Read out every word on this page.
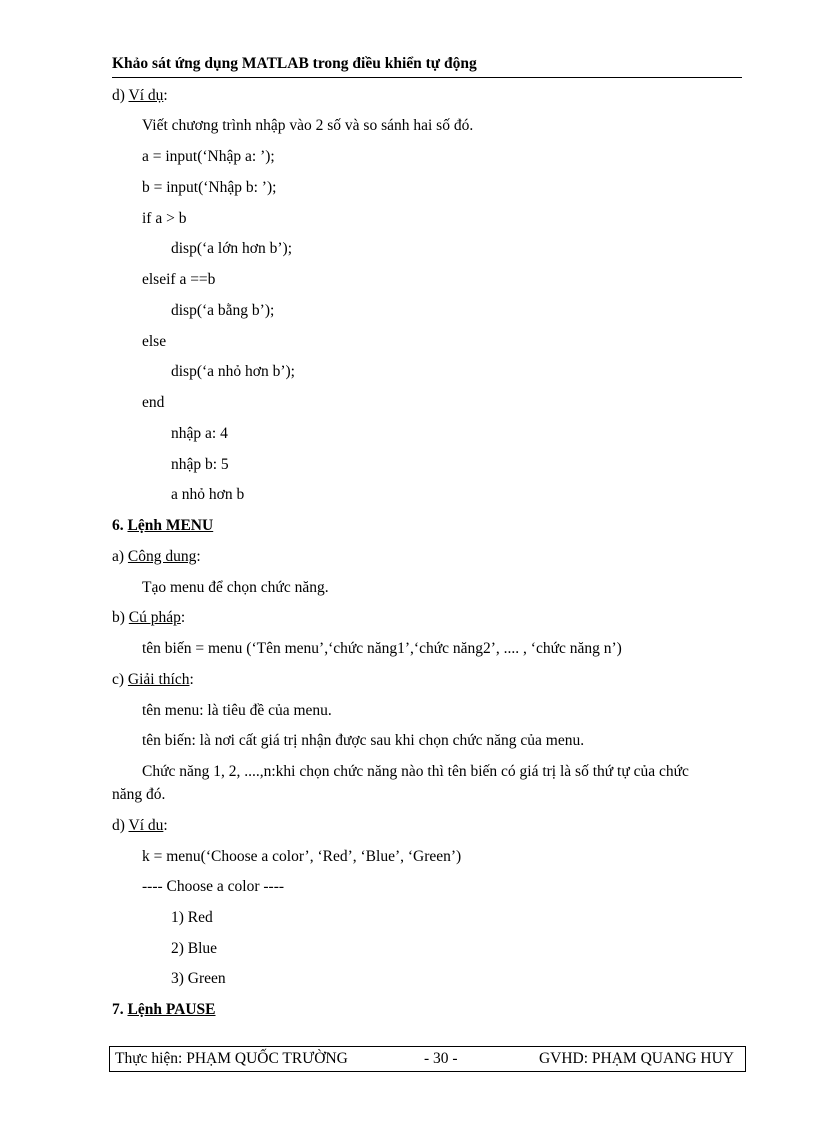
Khảo sát ứng dụng MATLAB trong điều khiển tự động
d) Ví dụ:
Viết chương trình nhập vào 2 số và so sánh hai số đó.
a = input(‘Nhập a: ’);
b = input(‘Nhập b: ’);
if a > b
disp(‘a lớn hơn b’);
elseif a ==b
disp(‘a bằng b’);
else
disp(‘a nhỏ hơn b’);
end
nhập a: 4
nhập b: 5
a nhỏ hơn b
6. Lệnh MENU
a) Công dung:
Tạo menu để chọn chức năng.
b) Cú pháp:
tên biến = menu (‘Tên menu’,‘chức năng1’,‘chức năng2’, .... , ‘chức năng n’)
c) Giải thích:
tên menu: là tiêu đề của menu.
tên biến: là nơi cất giá trị nhận được sau khi chọn chức năng của menu.
Chức năng 1, 2, ....,n:khi chọn chức năng nào thì tên biến có giá trị là số thứ tự của chức
năng đó.
d) Ví du:
k = menu(‘Choose a color’, ‘Red’, ‘Blue’, ‘Green’)
---- Choose a color ----
1) Red
2) Blue
3) Green
7. Lệnh PAUSE
Thực hiện: PHẠM QUỐC TRƯỜNG	- 30 -	GVHD: PHẠM QUANG HUY
